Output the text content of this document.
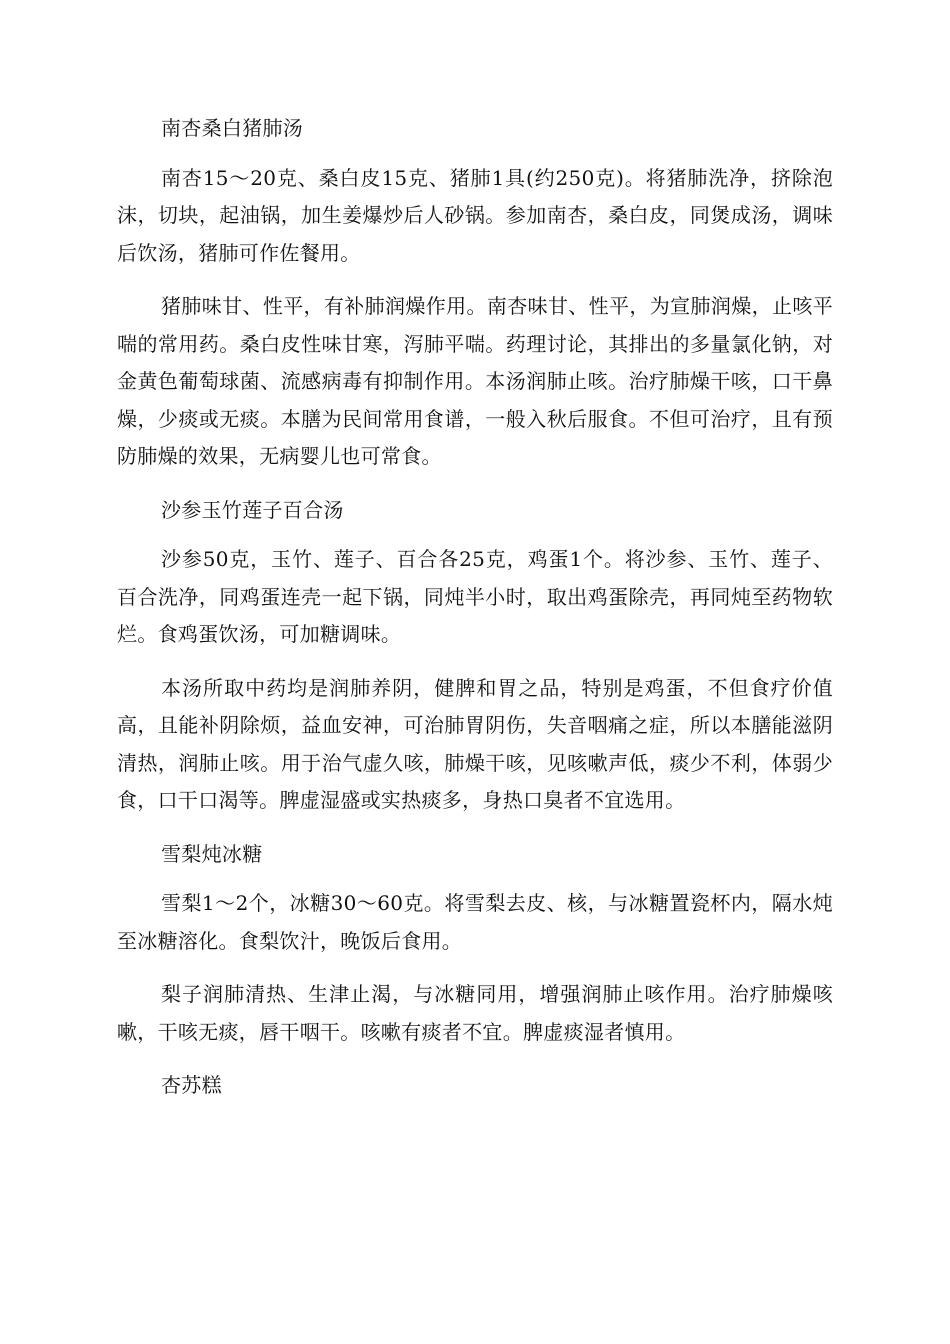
南杏桑白猪肺汤

南杏15～20克、桑白皮15克、猪肺1具(约250克)。将猪肺洗净，挤除泡沫，切块，起油锅，加生姜爆炒后人砂锅。参加南杏，桑白皮，同煲成汤，调味后饮汤，猪肺可作佐餐用。

猪肺味甘、性平，有补肺润燥作用。南杏味甘、性平，为宣肺润燥，止咳平喘的常用药。桑白皮性味甘寒，泻肺平喘。药理讨论，其排出的多量氯化钠，对金黄色葡萄球菌、流感病毒有抑制作用。本汤润肺止咳。治疗肺燥干咳，口干鼻燥，少痰或无痰。本膳为民间常用食谱，一般入秋后服食。不但可治疗，且有预防肺燥的效果，无病婴儿也可常食。

沙参玉竹莲子百合汤

沙参50克，玉竹、莲子、百合各25克，鸡蛋1个。将沙参、玉竹、莲子、百合洗净，同鸡蛋连壳一起下锅，同炖半小时，取出鸡蛋除壳，再同炖至药物软烂。食鸡蛋饮汤，可加糖调味。

本汤所取中药均是润肺养阴，健脾和胃之品，特别是鸡蛋，不但食疗价值高，且能补阴除烦，益血安神，可治肺胃阴伤，失音咽痛之症，所以本膳能滋阴清热，润肺止咳。用于治气虚久咳，肺燥干咳，见咳嗽声低，痰少不利，体弱少食，口干口渴等。脾虚湿盛或实热痰多，身热口臭者不宜选用。

雪梨炖冰糖

雪梨1～2个，冰糖30～60克。将雪梨去皮、核，与冰糖置瓷杯内，隔水炖至冰糖溶化。食梨饮汁，晚饭后食用。

梨子润肺清热、生津止渴，与冰糖同用，增强润肺止咳作用。治疗肺燥咳嗽，干咳无痰，唇干咽干。咳嗽有痰者不宜。脾虚痰湿者慎用。

杏苏糕
